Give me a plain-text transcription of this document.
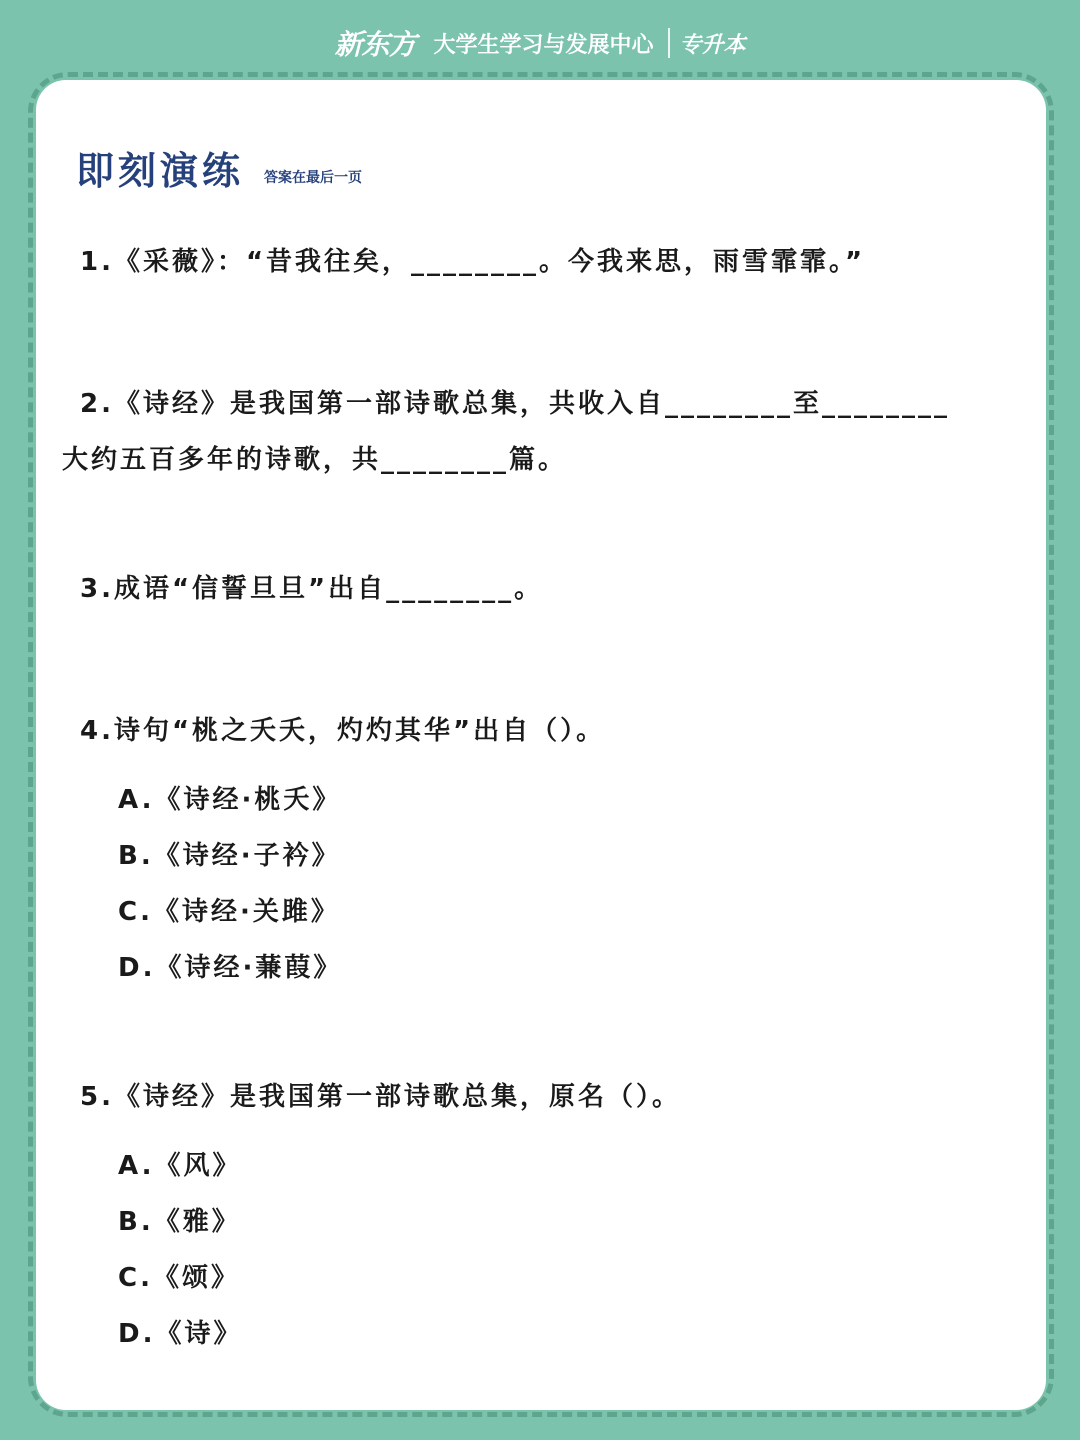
新东方 大学生学习与发展中心 专升本
即刻演练 答案在最后一页
1.《采薇》：“昔我往矣，________。今我来思，雨雪霏霏。”
2.《诗经》是我国第一部诗歌总集，共收入自________至________
大约五百多年的诗歌，共________篇。
3.成语“信誓旦旦”出自________。
4.诗句“桃之夭夭，灼灼其华”出自（）。
A.《诗经·桃夭》
B.《诗经·子衿》
C.《诗经·关雎》
D.《诗经·蒹葭》
5.《诗经》是我国第一部诗歌总集，原名（）。
A.《风》
B.《雅》
C.《颂》
D.《诗》
